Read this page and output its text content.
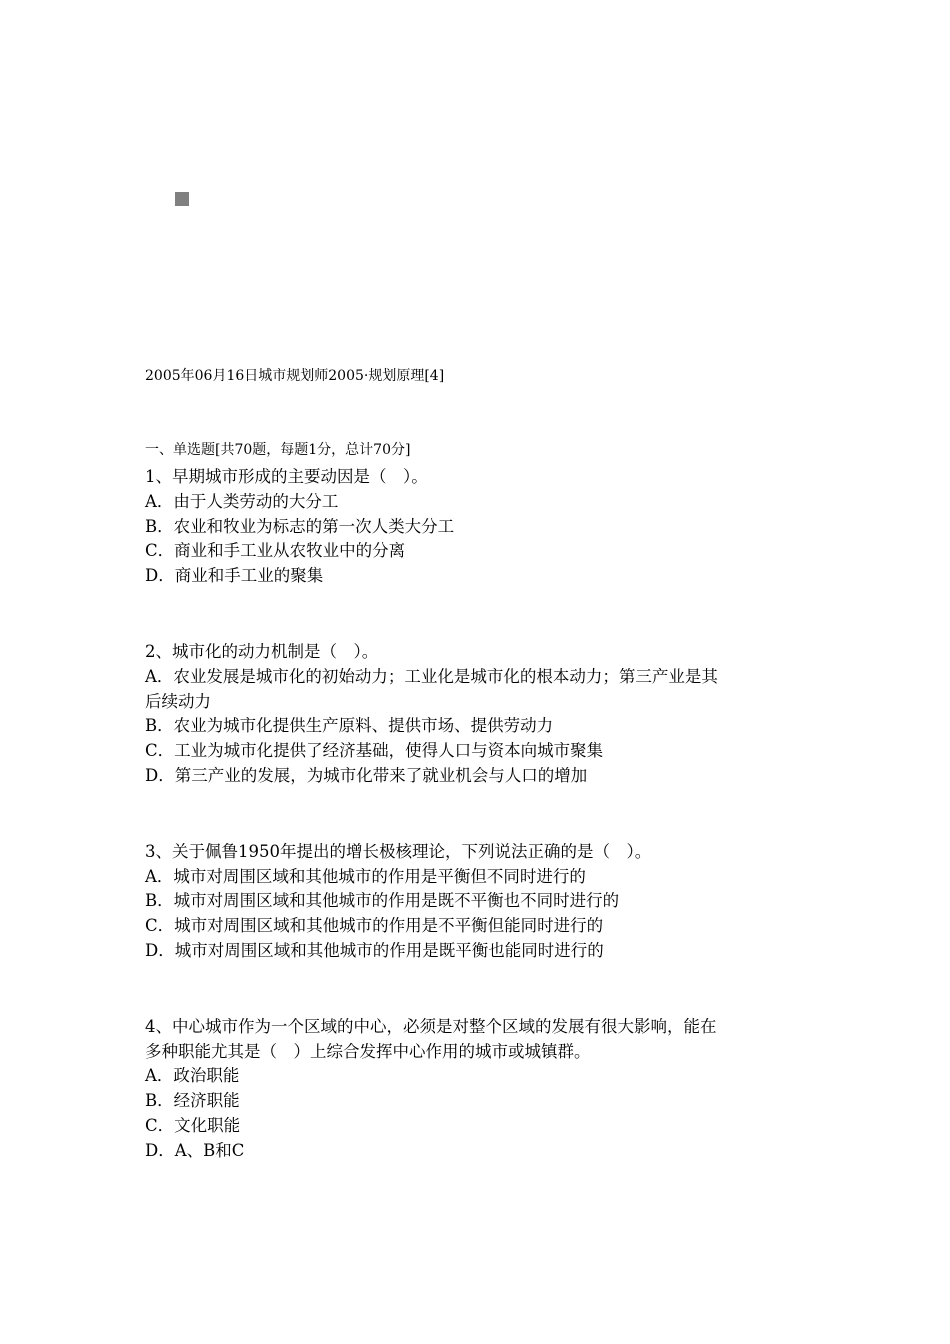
2005年06月16日城市规划师2005·规划原理[4]
一、单选题[共70题，每题1分，总计70分]
1、早期城市形成的主要动因是（　）。
A．由于人类劳动的大分工
B．农业和牧业为标志的第一次人类大分工
C．商业和手工业从农牧业中的分离
D．商业和手工业的聚集
2、城市化的动力机制是（　）。
A．农业发展是城市化的初始动力；工业化是城市化的根本动力；第三产业是其
后续动力
B．农业为城市化提供生产原料、提供市场、提供劳动力
C．工业为城市化提供了经济基础，使得人口与资本向城市聚集
D．第三产业的发展，为城市化带来了就业机会与人口的增加
3、关于佩鲁1950年提出的增长极核理论，下列说法正确的是（　）。
A．城市对周围区域和其他城市的作用是平衡但不同时进行的
B．城市对周围区域和其他城市的作用是既不平衡也不同时进行的
C．城市对周围区域和其他城市的作用是不平衡但能同时进行的
D．城市对周围区域和其他城市的作用是既平衡也能同时进行的
4、中心城市作为一个区域的中心，必须是对整个区域的发展有很大影响，能在
多种职能尤其是（　）上综合发挥中心作用的城市或城镇群。
A．政治职能
B．经济职能
C．文化职能
D．A、B和C
